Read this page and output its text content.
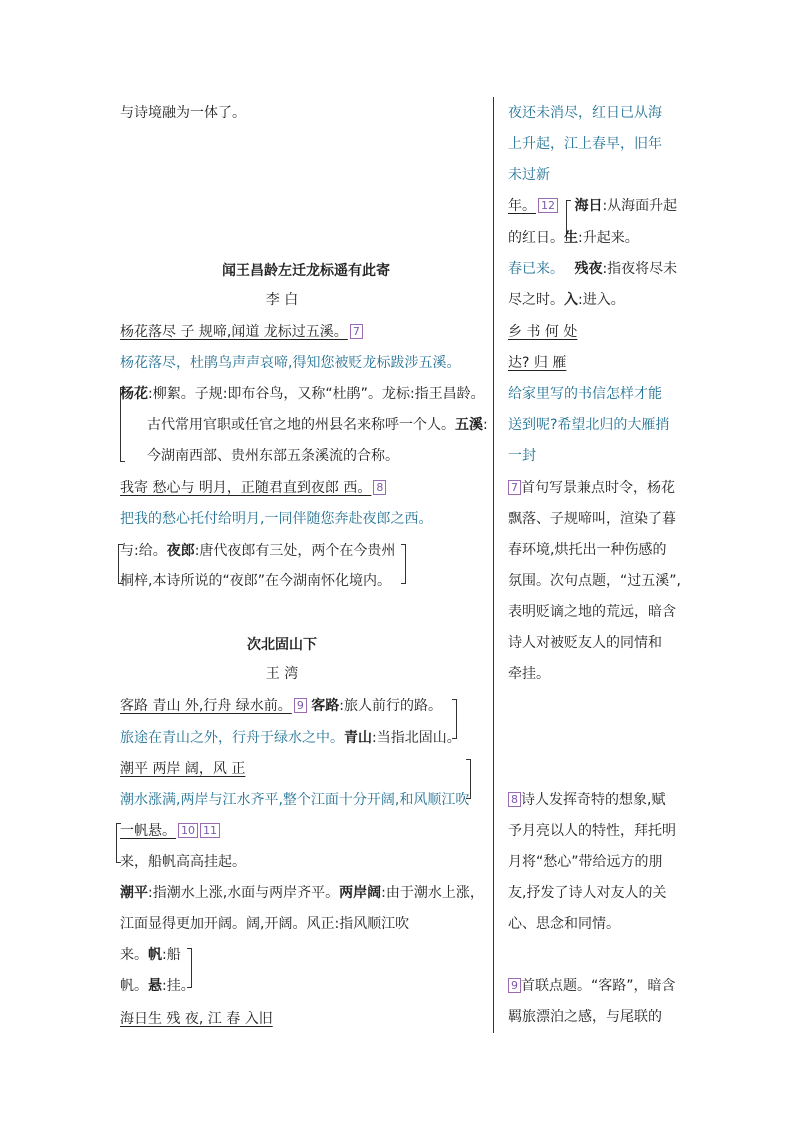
与诗境融为一体了。
闻王昌龄左迁龙标遥有此寄
李 白
杨花落尽 子 规啼,闻道 龙标过五溪。 7
杨花落尽，杜鹃鸟声声哀啼,得知您被贬龙标跋涉五溪。
杨花:柳絮。子规:即布谷鸟，又称“杜鹃”。龙标:指王昌龄。
古代常用官职或任官之地的州县名来称呼一个人。五溪:
今湖南西部、贵州东部五条溪流的合称。
我寄 愁心与 明月，正随君直到夜郎 西。 8
把我的愁心托付给明月,一同伴随您奔赴夜郎之西。
与:给。夜郎:唐代夜郎有三处，两个在今贵州
桐梓,本诗所说的“夜郎”在今湖南怀化境内。
次北固山下
王 湾
客路 青山 外,行舟 绿水前。 9 客路:旅人前行的路。
旅途在青山之外，行舟于绿水之中。青山:当指北固山。
潮平 两岸 阔，风 正
潮水涨满,两岸与江水齐平,整个江面十分开阔,和风顺江吹
一帆悬。 10 11
来，船帆高高挂起。
潮平:指潮水上涨,水面与两岸齐平。两岸阔:由于潮水上涨，
江面显得更加开阔。阔,开阔。风正:指风顺江吹
来。帆:船
帆。悬:挂。
海日生 残 夜, 江 春 入旧
夜还未消尽，红日已从海
上升起，江上春早，旧年
未过新
年。 12 海日:从海面升起
的红日。生:升起来。
春已来。 残夜:指夜将尽未
尽之时。入:进入。
乡 书 何 处
达? 归 雁
给家里写的书信怎样才能
送到呢?希望北归的大雁捎
一封
7 首句写景兼点时令，杨花
飘落、子规啼叫，渲染了暮
春环境,烘托出一种伤感的
氛围。次句点题，“过五溪”,
表明贬谪之地的荒远，暗含
诗人对被贬友人的同情和
牵挂。
8 诗人发挥奇特的想象,赋
予月亮以人的特性，拜托明
月将“愁心”带给远方的朋
友,抒发了诗人对友人的关
心、思念和同情。
9 首联点题。“客路”，暗含
羁旅漂泊之感，与尾联的
